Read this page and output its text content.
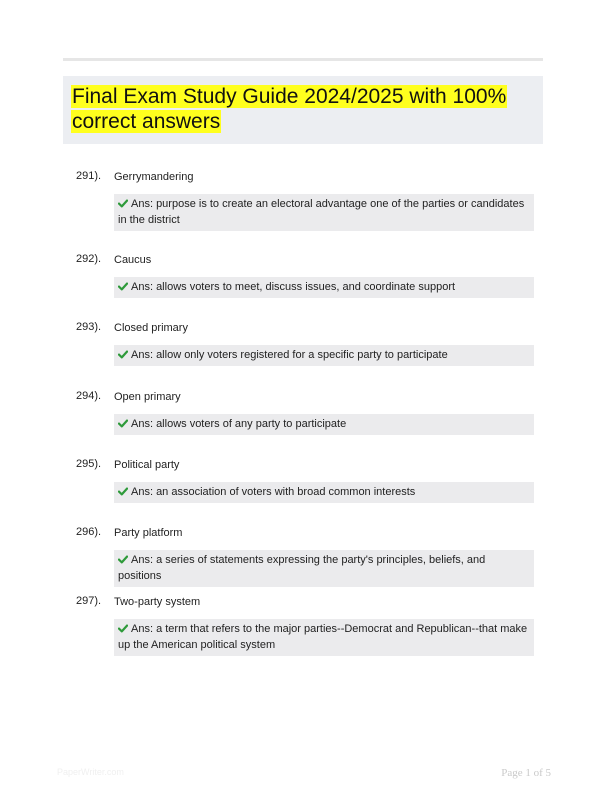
Final Exam Study Guide 2024/2025 with 100% correct answers
291). Gerrymandering
Ans: purpose is to create an electoral advantage one of the parties or candidates in the district
292). Caucus
Ans: allows voters to meet, discuss issues, and coordinate support
293). Closed primary
Ans: allow only voters registered for a specific party to participate
294). Open primary
Ans: allows voters of any party to participate
295). Political party
Ans: an association of voters with broad common interests
296). Party platform
Ans: a series of statements expressing the party's principles, beliefs, and positions
297). Two-party system
Ans: a term that refers to the major parties--Democrat and Republican--that make up the American political system
PaperWriter.com	Page 1 of 5
